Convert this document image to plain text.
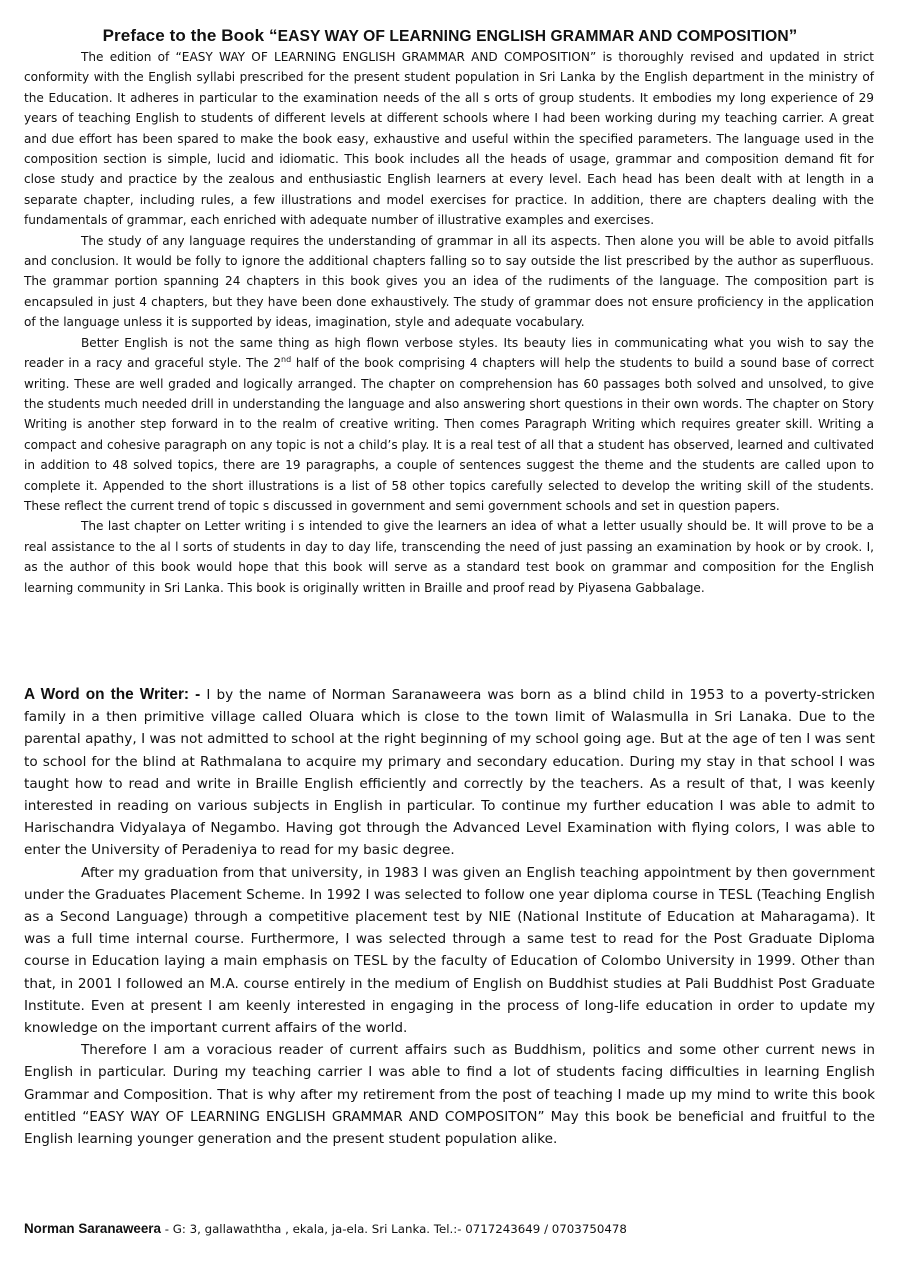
Preface to the Book “EASY WAY OF LEARNING ENGLISH GRAMMAR AND COMPOSITION”

The edition of “EASY WAY OF LEARNING ENGLISH GRAMMAR AND COMPOSITION” is thoroughly revised and updated in strict conformity with the English syllabi prescribed for the present student population in Sri Lanka by the English department in the ministry of the Education. It adheres in particular to the examination needs of the all s orts of group students. It embodies my long experience of 29 years of teaching English to students of different levels at different schools where I had been working during my teaching carrier. A great and due effort has been spared to make the book easy, exhaustive and useful within the specified parameters. The language used in the composition section is simple, lucid and idiomatic. This book includes all the heads of usage, grammar and composition demand fit for close study and practice by the zealous and enthusiastic English learners at every level. Each head has been dealt with at length in a separate chapter, including rules, a few illustrations and model exercises for practice. In addition, there are chapters dealing with the fundamentals of grammar, each enriched with adequate number of illustrative examples and exercises.

The study of any language requires the understanding of grammar in all its aspects. Then alone you will be able to avoid pitfalls and conclusion. It would be folly to ignore the additional chapters falling so to say outside the list prescribed by the author as superfluous. The grammar portion spanning 24 chapters in this book gives you an idea of the rudiments of the language. The composition part is encapsuled in just 4 chapters, but they have been done exhaustively. The study of grammar does not ensure proficiency in the application of the language unless it is supported by ideas, imagination, style and adequate vocabulary.

Better English is not the same thing as high flown verbose styles. Its beauty lies in communicating what you wish to say the reader in a racy and graceful style. The 2nd half of the book comprising 4 chapters will help the students to build a sound base of correct writing. These are well graded and logically arranged. The chapter on comprehension has 60 passages both solved and unsolved, to give the students much needed drill in understanding the language and also answering short questions in their own words. The chapter on Story Writing is another step forward in to the realm of creative writing. Then comes Paragraph Writing which requires greater skill. Writing a compact and cohesive paragraph on any topic is not a child’s play. It is a real test of all that a student has observed, learned and cultivated in addition to 48 solved topics, there are 19 paragraphs, a couple of sentences suggest the theme and the students are called upon to complete it. Appended to the short illustrations is a list of 58 other topics carefully selected to develop the writing skill of the students. These reflect the current trend of topic s discussed in government and semi government schools and set in question papers.

The last chapter on Letter writing i s intended to give the learners an idea of what a letter usually should be. It will prove to be a real assistance to the al l sorts of students in day to day life, transcending the need of just passing an examination by hook or by crook. I, as the author of this book would hope that this book will serve as a standard test book on grammar and composition for the English learning community in Sri Lanka. This book is originally written in Braille and proof read by Piyasena Gabbalage.

A Word on the Writer: - I by the name of Norman Saranaweera was born as a blind child in 1953 to a poverty-stricken family in a then primitive village called Oluara which is close to the town limit of Walasmulla in Sri Lanaka. Due to the parental apathy, I was not admitted to school at the right beginning of my school going age. But at the age of ten I was sent to school for the blind at Rathmalana to acquire my primary and secondary education. During my stay in that school I was taught how to read and write in Braille English efficiently and correctly by the teachers. As a result of that, I was keenly interested in reading on various subjects in English in particular. To continue my further education I was able to admit to Harischandra Vidyalaya of Negambo. Having got through the Advanced Level Examination with flying colors, I was able to enter the University of Peradeniya to read for my basic degree.

After my graduation from that university, in 1983 I was given an English teaching appointment by then government under the Graduates Placement Scheme. In 1992 I was selected to follow one year diploma course in TESL (Teaching English as a Second Language) through a competitive placement test by NIE (National Institute of Education at Maharagama). It was a full time internal course. Furthermore, I was selected through a same test to read for the Post Graduate Diploma course in Education laying a main emphasis on TESL by the faculty of Education of Colombo University in 1999. Other than that, in 2001 I followed an M.A. course entirely in the medium of English on Buddhist studies at Pali Buddhist Post Graduate Institute. Even at present I am keenly interested in engaging in the process of long-life education in order to update my knowledge on the important current affairs of the world.

Therefore I am a voracious reader of current affairs such as Buddhism, politics and some other current news in English in particular. During my teaching carrier I was able to find a lot of students facing difficulties in learning English Grammar and Composition. That is why after my retirement from the post of teaching I made up my mind to write this book entitled “EASY WAY OF LEARNING ENGLISH GRAMMAR AND COMPOSITON” May this book be beneficial and fruitful to the English learning younger generation and the present student population alike.

Norman Saranaweera - G: 3, gallawaththa , ekala, ja-ela. Sri Lanka. Tel.:- 0717243649 / 0703750478
